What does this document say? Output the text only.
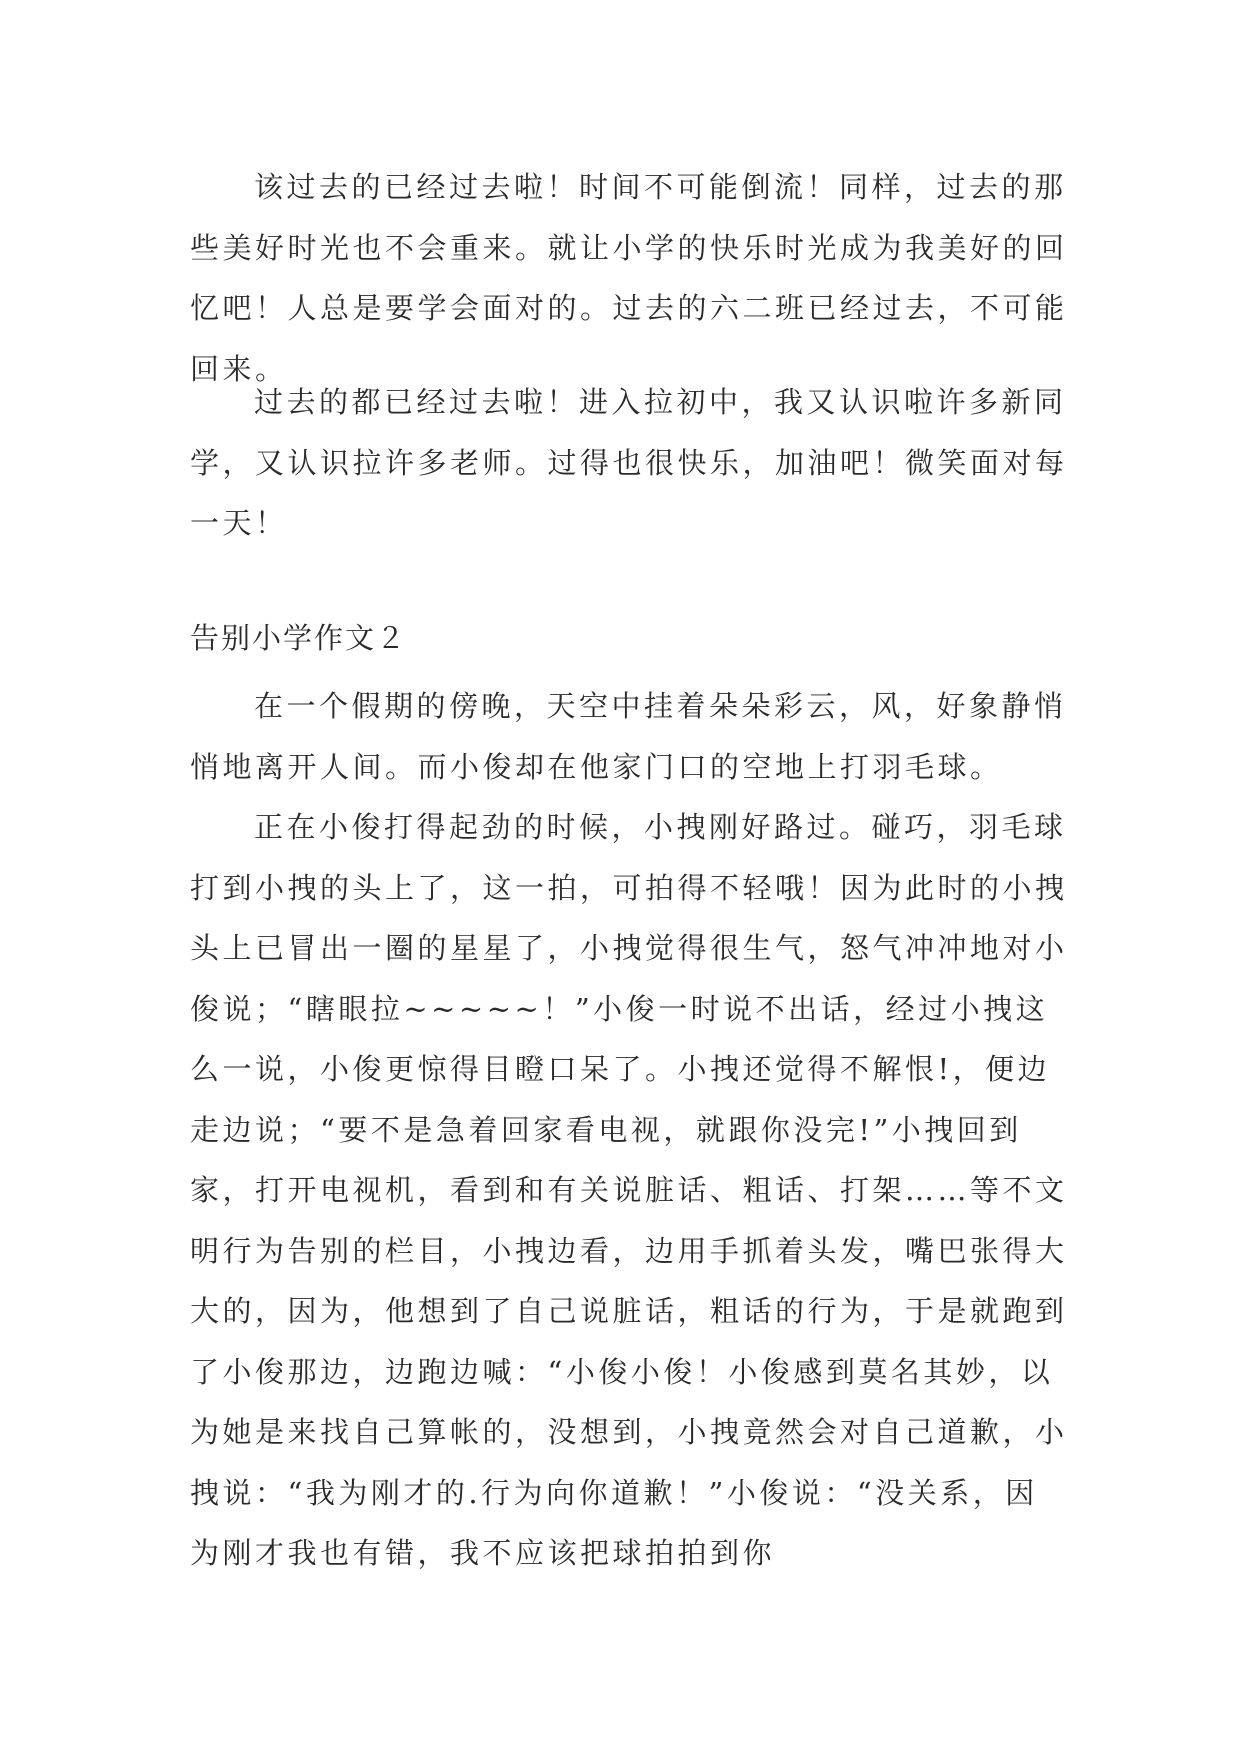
该过去的已经过去啦！时间不可能倒流！同样，过去的那些美好时光也不会重来。就让小学的快乐时光成为我美好的回忆吧！人总是要学会面对的。过去的六二班已经过去，不可能回来。

过去的都已经过去啦！进入拉初中，我又认识啦许多新同学，又认识拉许多老师。过得也很快乐，加油吧！微笑面对每一天！

告别小学作文２

在一个假期的傍晚，天空中挂着朵朵彩云，风，好象静悄悄地离开人间。而小俊却在他家门口的空地上打羽毛球。

正在小俊打得起劲的时候，小拽刚好路过。碰巧，羽毛球打到小拽的头上了，这一拍，可拍得不轻哦！因为此时的小拽头上已冒出一圈的星星了，小拽觉得很生气，怒气冲冲地对小俊说；“瞎眼拉~~~~~！”小俊一时说不出话，经过小拽这么一说，小俊更惊得目瞪口呆了。小拽还觉得不解恨!，便边走边说；“要不是急着回家看电视，就跟你没完!”小拽回到家，打开电视机，看到和有关说脏话、粗话、打架……等不文明行为告别的栏目，小拽边看，边用手抓着头发，嘴巴张得大大的，因为，他想到了自己说脏话，粗话的行为，于是就跑到了小俊那边，边跑边喊：“小俊小俊！小俊感到莫名其妙，以为她是来找自己算帐的，没想到，小拽竟然会对自己道歉，小拽说：“我为刚才的.行为向你道歉！”小俊说：“没关系，因为刚才我也有错，我不应该把球拍拍到你
